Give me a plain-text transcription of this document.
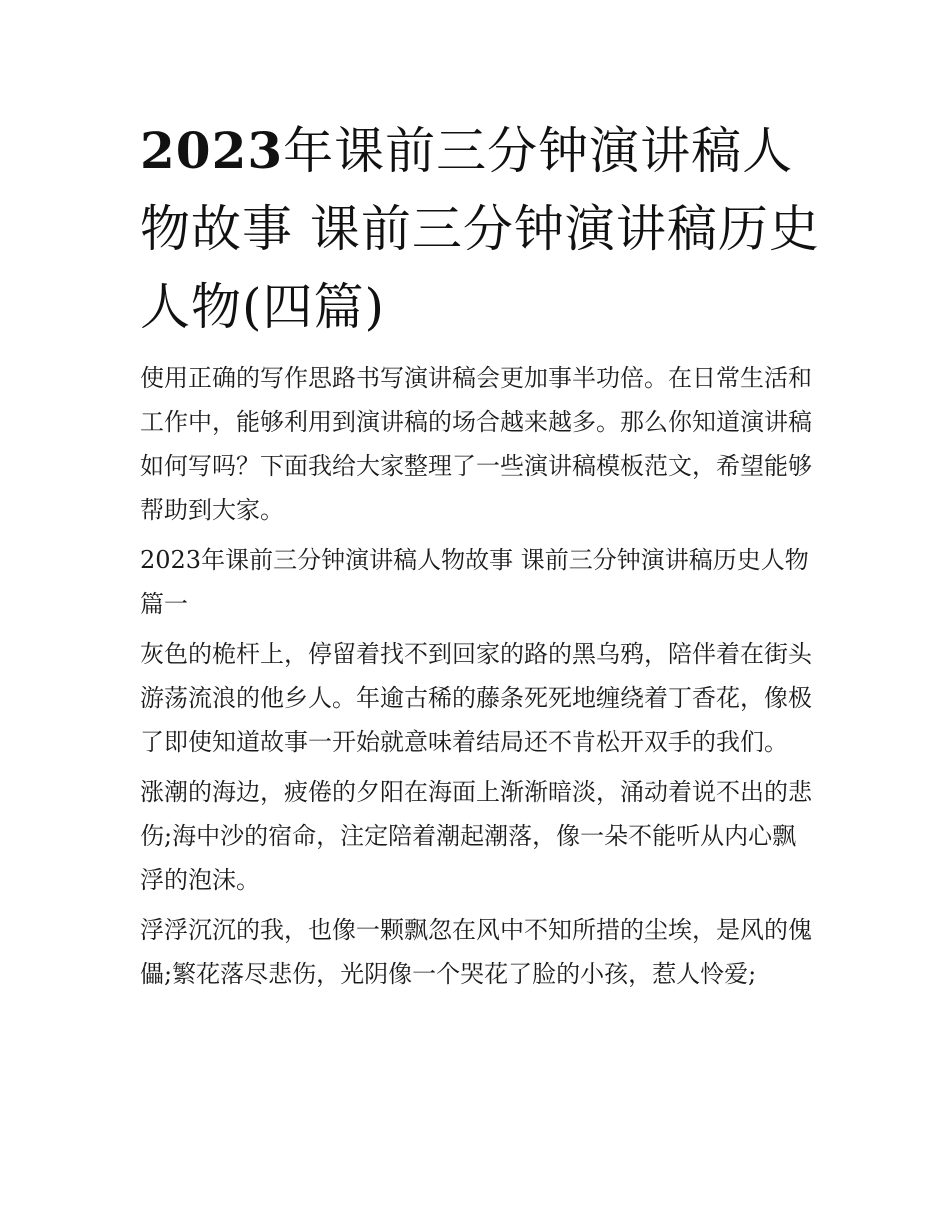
2023年课前三分钟演讲稿人物故事 课前三分钟演讲稿历史人物(四篇)

使用正确的写作思路书写演讲稿会更加事半功倍。在日常生活和工作中，能够利用到演讲稿的场合越来越多。那么你知道演讲稿如何写吗？下面我给大家整理了一些演讲稿模板范文，希望能够帮助到大家。

2023年课前三分钟演讲稿人物故事 课前三分钟演讲稿历史人物篇一

灰色的桅杆上，停留着找不到回家的路的黑乌鸦，陪伴着在街头游荡流浪的他乡人。年逾古稀的藤条死死地缠绕着丁香花，像极了即使知道故事一开始就意味着结局还不肯松开双手的我们。

涨潮的海边，疲倦的夕阳在海面上渐渐暗淡，涌动着说不出的悲伤;海中沙的宿命，注定陪着潮起潮落，像一朵不能听从内心飘浮的泡沫。

浮浮沉沉的我，也像一颗飘忽在风中不知所措的尘埃，是风的傀儡;繁花落尽悲伤，光阴像一个哭花了脸的小孩，惹人怜爱;
